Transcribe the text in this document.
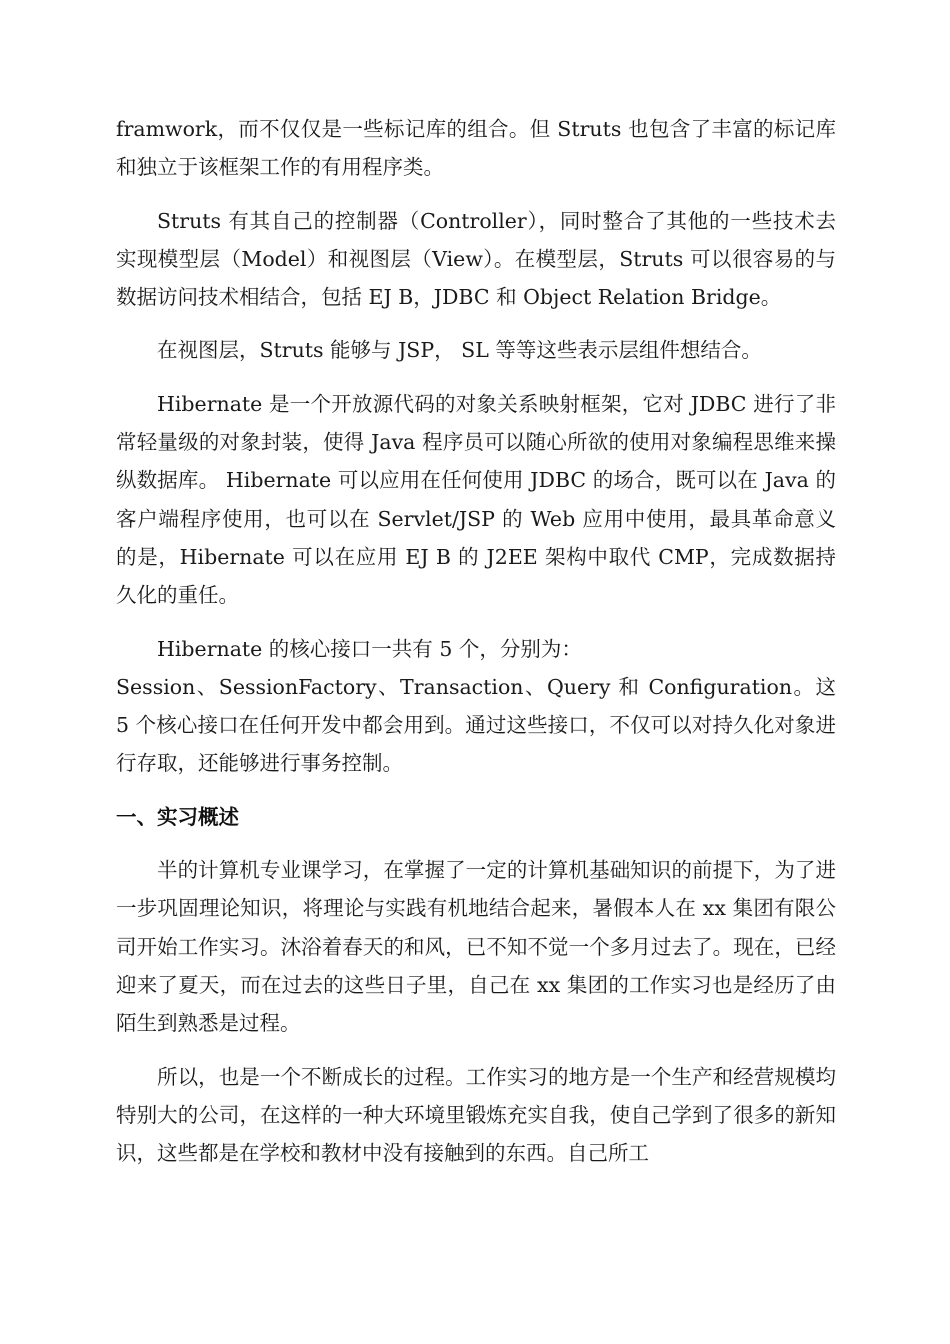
framwork，而不仅仅是一些标记库的组合。但 Struts 也包含了丰富的标记库和独立于该框架工作的有用程序类。

Struts 有其自己的控制器（Controller），同时整合了其他的一些技术去实现模型层（Model）和视图层（View）。在模型层，Struts 可以很容易的与数据访问技术相结合，包括 EJ B，JDBC 和 Object Relation Bridge。

在视图层，Struts 能够与 JSP， SL 等等这些表示层组件想结合。

Hibernate 是一个开放源代码的对象关系映射框架，它对 JDBC 进行了非常轻量级的对象封装，使得 Java 程序员可以随心所欲的使用对象编程思维来操纵数据库。 Hibernate 可以应用在任何使用 JDBC 的场合，既可以在 Java 的客户端程序使用，也可以在 Servlet/JSP 的 Web 应用中使用，最具革命意义的是，Hibernate 可以在应用 EJ B 的 J2EE 架构中取代 CMP，完成数据持久化的重任。

Hibernate 的核心接口一共有 5 个，分别为：

Session、SessionFactory、Transaction、Query 和 Configuration。这 5 个核心接口在任何开发中都会用到。通过这些接口，不仅可以对持久化对象进行存取，还能够进行事务控制。

一、实习概述

半的计算机专业课学习，在掌握了一定的计算机基础知识的前提下，为了进一步巩固理论知识，将理论与实践有机地结合起来，暑假本人在 xx 集团有限公司开始工作实习。沐浴着春天的和风，已不知不觉一个多月过去了。现在，已经迎来了夏天，而在过去的这些日子里，自己在 xx 集团的工作实习也是经历了由陌生到熟悉是过程。

所以，也是一个不断成长的过程。工作实习的地方是一个生产和经营规模均特别大的公司，在这样的一种大环境里锻炼充实自我，使自己学到了很多的新知识，这些都是在学校和教材中没有接触到的东西。自己所工
